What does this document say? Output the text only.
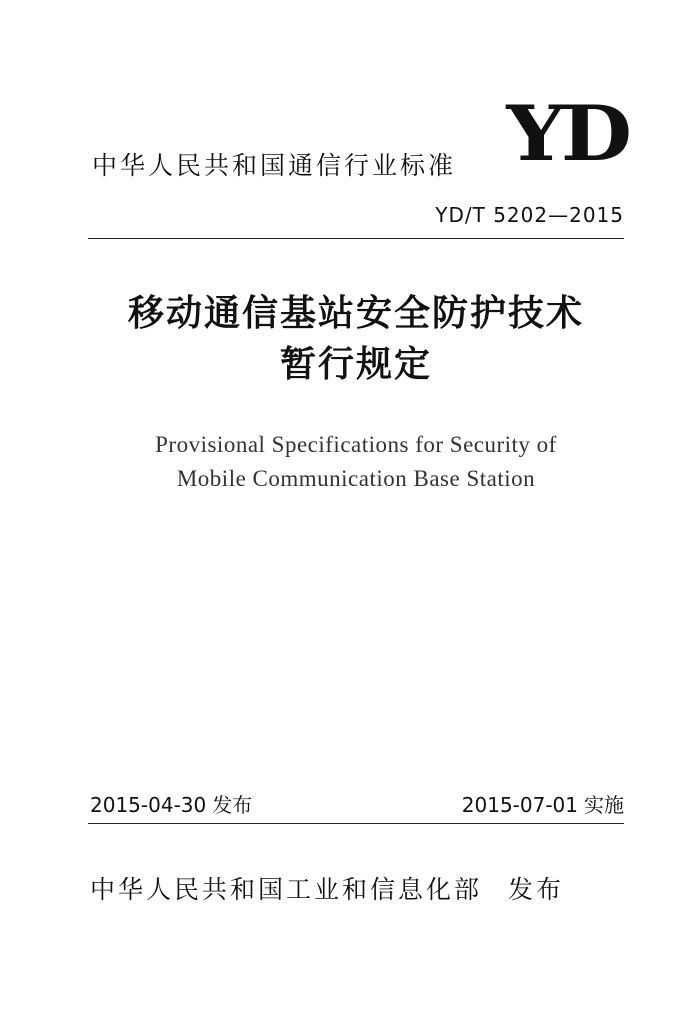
中华人民共和国通信行业标准 YD
YD/T 5202—2015
移动通信基站安全防护技术
暂行规定
Provisional Specifications for Security of
Mobile Communication Base Station
2015-04-30 发布	2015-07-01 实施
中华人民共和国工业和信息化部 发布
